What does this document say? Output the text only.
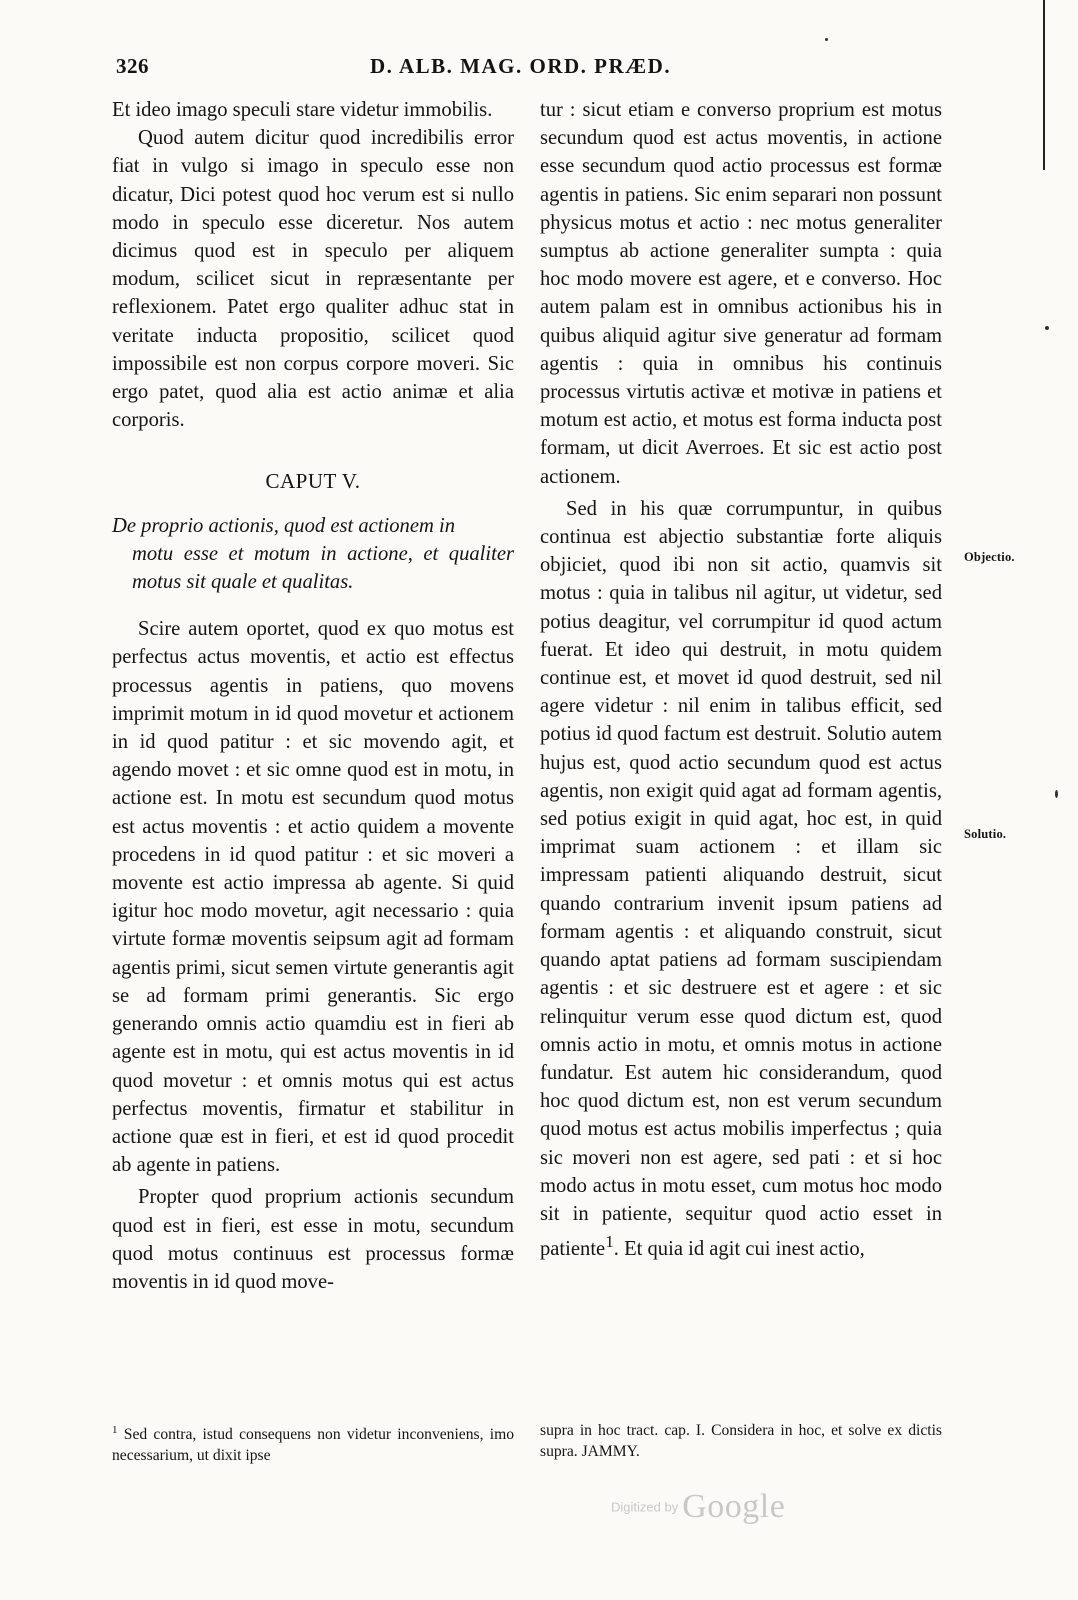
326	D. ALB. MAG. ORD. PRÆD.

Et ideo imago speculi stare videtur immobilis.

Quod autem dicitur quod incredibilis error fiat in vulgo si imago in speculo esse non dicatur, Dici potest quod hoc verum est si nullo modo in speculo esse diceretur. Nos autem dicimus quod est in speculo per aliquem modum, scilicet sicut in repræsentante per reflexionem. Patet ergo qualiter adhuc stat in veritate inducta propositio, scilicet quod impossibile est non corpus corpore moveri. Sic ergo patet, quod alia est actio animæ et alia corporis.

CAPUT V.

De proprio actionis, quod est actionem in
motu esse et motum in actione, et qualiter motus sit quale et qualitas.

Scire autem oportet, quod ex quo motus est perfectus actus moventis, et actio est effectus processus agentis in patiens, quo movens imprimit motum in id quod movetur et actionem in id quod patitur : et sic movendo agit, et agendo movet : et sic omne quod est in motu, in actione est. In motu est secundum quod motus est actus moventis : et actio quidem a movente procedens in id quod patitur : et sic moveri a movente est actio impressa ab agente. Si quid igitur hoc modo movetur, agit necessario : quia virtute formæ moventis seipsum agit ad formam agentis primi, sicut semen virtute generantis agit se ad formam primi generantis. Sic ergo generando omnis actio quamdiu est in fieri ab agente est in motu, qui est actus moventis in id quod movetur : et omnis motus qui est actus perfectus moventis, firmatur et stabilitur in actione quæ est in fieri, et est id quod procedit ab agente in patiens.

Propter quod proprium actionis secundum quod est in fieri, est esse in motu, secundum quod motus continuus est processus formæ moventis in id quod move-

tur : sicut etiam e converso proprium est motus secundum quod est actus moventis, in actione esse secundum quod actio processus est formæ agentis in patiens. Sic enim separari non possunt physicus motus et actio : nec motus generaliter sumptus ab actione generaliter sumpta : quia hoc modo movere est agere, et e converso. Hoc autem palam est in omnibus actionibus his in quibus aliquid agitur sive generatur ad formam agentis : quia in omnibus his continuis processus virtutis activæ et motivæ in patiens et motum est actio, et motus est forma inducta post formam, ut dicit Averroes. Et sic est actio post actionem.

Sed in his quæ corrumpuntur, in quibus continua est abjectio substantiæ forte aliquis objiciet, quod ibi non sit actio, quamvis sit motus : quia in talibus nil agitur, ut videtur, sed potius deagitur, vel corrumpitur id quod actum fuerat. Et ideo qui destruit, in motu quidem continue est, et movet id quod destruit, sed nil agere videtur : nil enim in talibus efficit, sed potius id quod factum est destruit. Solutio autem hujus est, quod actio secundum quod est actus agentis, non exigit quid agat ad formam agentis, sed potius exigit in quid agat, hoc est, in quid imprimat suam actionem : et illam sic impressam patienti aliquando destruit, sicut quando contrarium invenit ipsum patiens ad formam agentis : et aliquando construit, sicut quando aptat patiens ad formam suscipiendam agentis : et sic destruere est et agere : et sic relinquitur verum esse quod dictum est, quod omnis actio in motu, et omnis motus in actione fundatur. Est autem hic considerandum, quod hoc quod dictum est, non est verum secundum quod motus est actus mobilis imperfectus ; quia sic moveri non est agere, sed pati : et si hoc modo actus in motu esset, cum motus hoc modo sit in patiente, sequitur quod actio esset in patiente$^1$. Et quia id agit cui inest actio,

Objectio.
Solutio.
$^1$ Sed contra, istud consequens non videtur inconveniens, imo necessarium, ut dixit ipse
supra in hoc tract. cap. I. Considera in hoc, et solve ex dictis supra. JAMMY.
Digitized by Google
